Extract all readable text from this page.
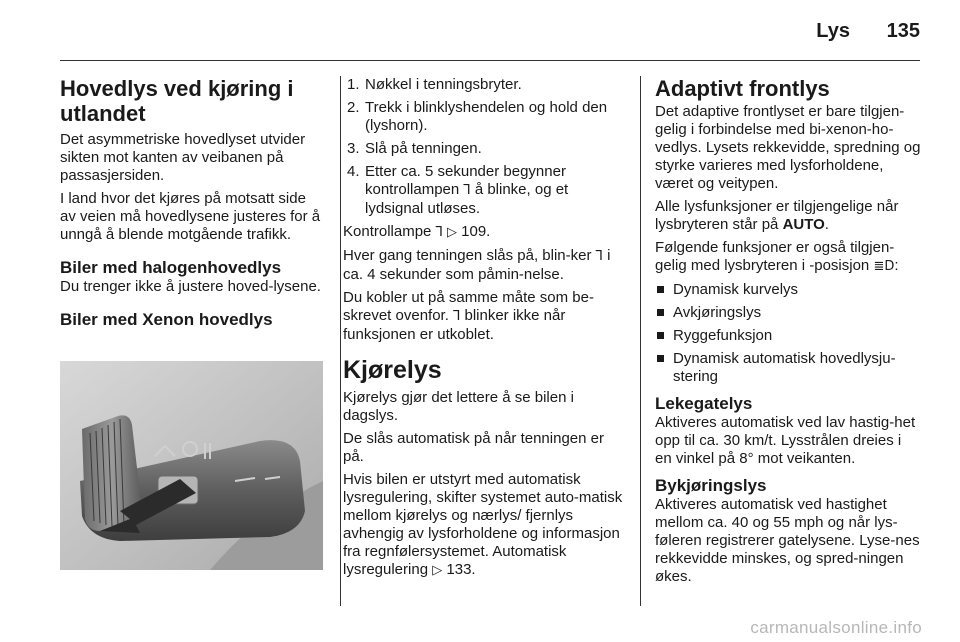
Lys 135
Hovedlys ved kjøring i utlandet

Det asymmetriske hovedlyset utvider sikten mot kanten av veibanen på passasjersiden.

I land hvor det kjøres på motsatt side av veien må hovedlysene justeres for å unngå å blende motgående trafikk.

Biler med halogenhovedlys

Du trenger ikke å justere hoved-lysene.

Biler med Xenon hovedlys
1. Nøkkel i tenningsbryter.
2. Trekk i blinklyshendelen og hold den (lyshorn).
3. Slå på tenningen.
4. Etter ca. 5 sekunder begynner kontrollampen Ꞁ å blinke, og et lydsignal utløses.

Kontrollampe Ꞁ ▷ 109.

Hver gang tenningen slås på, blin-ker Ꞁ i ca. 4 sekunder som påmin-nelse.

Du kobler ut på samme måte som be-skrevet ovenfor. Ꞁ blinker ikke når funksjonen er utkoblet.

Kjørelys

Kjørelys gjør det lettere å se bilen i dagslys.

De slås automatisk på når tenningen er på.

Hvis bilen er utstyrt med automatisk lysregulering, skifter systemet auto-matisk mellom kjørelys og nærlys/ fjernlys avhengig av lysforholdene og informasjon fra regnfølersystemet. Automatisk lysregulering ▷ 133.

Adaptivt frontlys

Det adaptive frontlyset er bare tilgjen-gelig i forbindelse med bi-xenon-ho-vedlys. Lysets rekkevidde, spredning og styrke varieres med lysforholdene, været og veitypen.

Alle lysfunksjoner er tilgjengelige når lysbryteren står på AUTO.

Følgende funksjoner er også tilgjen-gelig med lysbryteren i -posisjon ≣D:

Dynamisk kurvelys
Avkjøringslys
Ryggefunksjon
Dynamisk automatisk hovedlysju-stering
Lekegatelys

Aktiveres automatisk ved lav hastig-het opp til ca. 30 km/t. Lysstrålen dreies i en vinkel på 8° mot veikanten.

Bykjøringslys

Aktiveres automatisk ved hastighet mellom ca. 40 og 55 mph og når lys-føleren registrerer gatelysene. Lyse-nes rekkevidde minskes, og spred-ningen økes.

carmanualsonline.info
